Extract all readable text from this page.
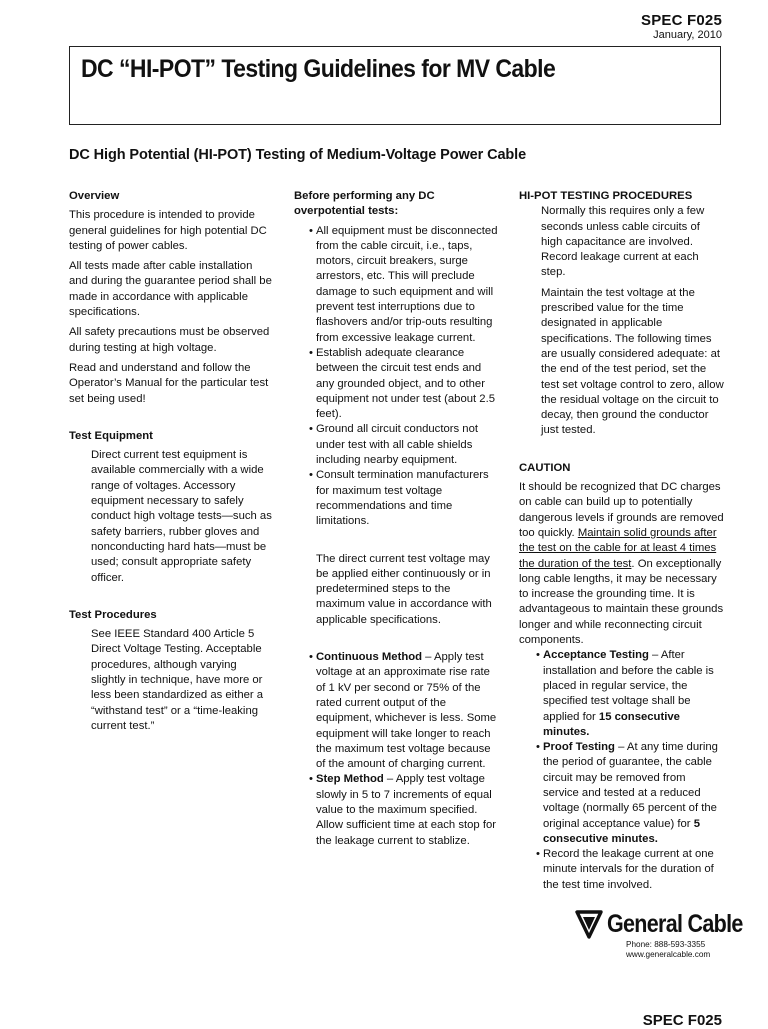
SPEC F025
January, 2010
DC “HI-POT” Testing Guidelines for MV Cable
DC High Potential (HI-POT) Testing of Medium-Voltage Power Cable

Overview

This procedure is intended to provide general guidelines for high potential DC testing of power cables.

All tests made after cable installation and during the guarantee period shall be made in accordance with applicable specifications.

All safety precautions must be observed during testing at high voltage.

Read and understand and follow the Operator’s Manual for the particular test set being used!

Test Equipment

Direct current test equipment is available commercially with a wide range of voltages. Accessory equipment necessary to safely conduct high voltage tests—such as safety barriers, rubber gloves and nonconducting hard hats—must be used; consult appropriate safety officer.

Test Procedures

See IEEE Standard 400 Article 5 Direct Voltage Testing. Acceptable procedures, although varying slightly in technique, have more or less been standardized as either a “withstand test” or a “time-leaking current test.”

Before performing any DC overpotential tests:

• All equipment must be disconnected from the cable circuit, i.e., taps, motors, circuit breakers, surge arrestors, etc. This will preclude damage to such equipment and will prevent test interruptions due to flashovers and/or trip-outs resulting from excessive leakage current.

• Establish adequate clearance between the circuit test ends and any grounded object, and to other equipment not under test (about 2.5 feet).

• Ground all circuit conductors not under test with all cable shields including nearby equipment.

• Consult termination manufacturers for maximum test voltage recommendations and time limitations.

The direct current test voltage may be applied either continuously or in predetermined steps to the maximum value in accordance with applicable specifications.

• Continuous Method – Apply test voltage at an approximate rise rate of 1 kV per second or 75% of the rated current output of the equipment, whichever is less. Some equipment will take longer to reach the maximum test voltage because of the amount of charging current.

• Step Method – Apply test voltage slowly in 5 to 7 increments of equal value to the maximum specified. Allow sufficient time at each stop for the leakage current to stablize.

HI-POT TESTING PROCEDURES

Normally this requires only a few seconds unless cable circuits of high capacitance are involved. Record leakage current at each step.

Maintain the test voltage at the prescribed value for the time designated in applicable specifications. The following times are usually considered adequate: at the end of the test period, set the test set voltage control to zero, allow the residual voltage on the circuit to decay, then ground the conductor just tested.

CAUTION

It should be recognized that DC charges on cable can build up to potentially dangerous levels if grounds are removed too quickly. Maintain solid grounds after the test on the cable for at least 4 times the duration of the test. On exceptionally long cable lengths, it may be necessary to increase the grounding time. It is advantageous to maintain these grounds longer and while reconnecting circuit components.

• Acceptance Testing – After installation and before the cable is placed in regular service, the specified test voltage shall be applied for 15 consecutive minutes.

• Proof Testing – At any time during the period of guarantee, the cable circuit may be removed from service and tested at a reduced voltage (normally 65 percent of the original acceptance value) for 5 consecutive minutes.

• Record the leakage current at one minute intervals for the duration of the test time involved.

General Cable
Phone: 888-593-3355
www.generalcable.com
SPEC F025
